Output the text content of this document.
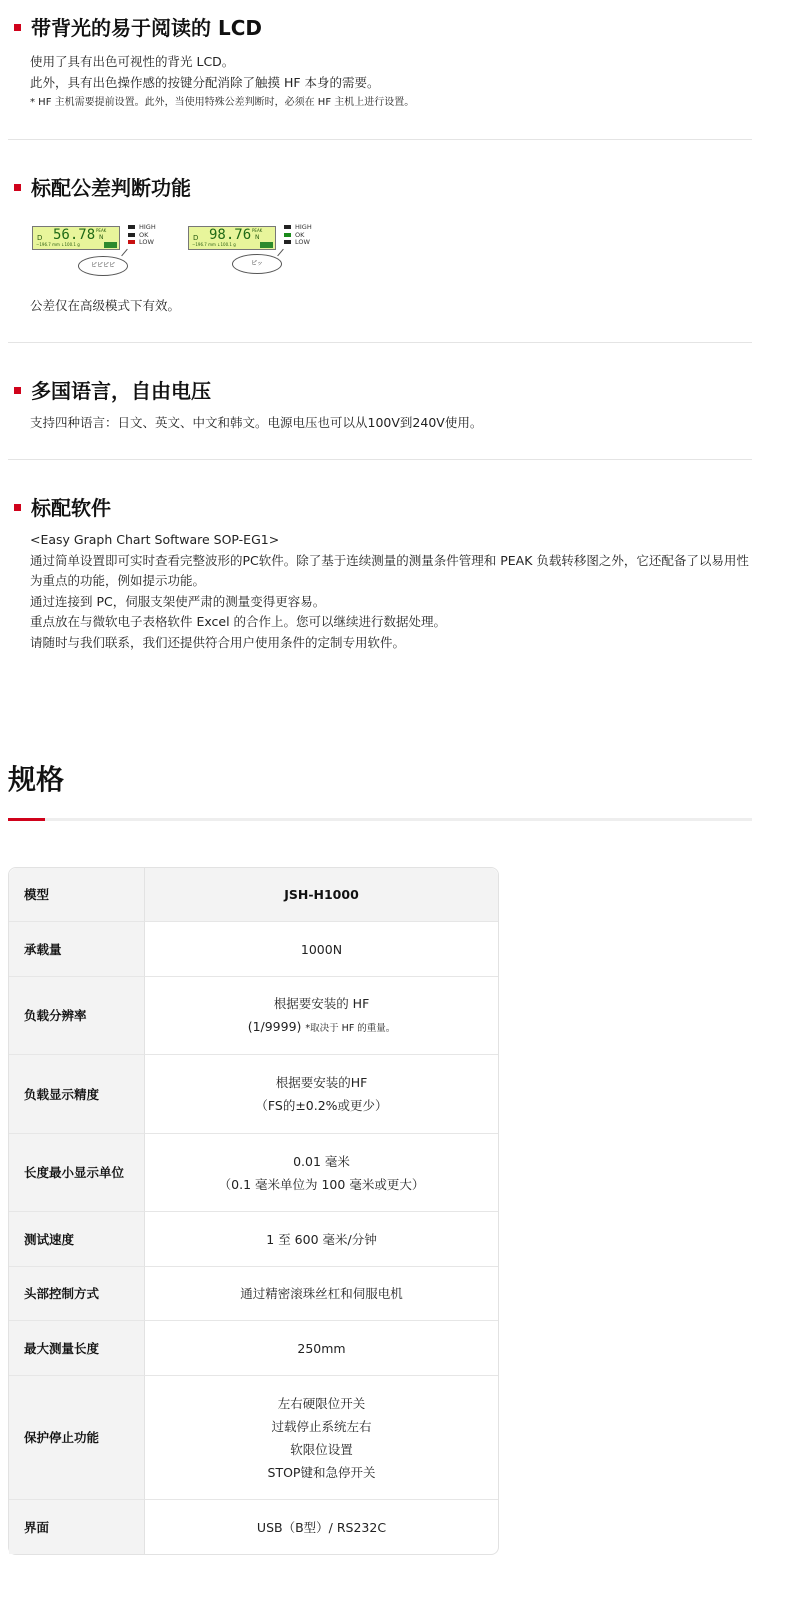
带背光的易于阅读的 LCD

使用了具有出色可视性的背光 LCD。

此外，具有出色操作感的按键分配消除了触摸 HF 本身的需要。

* HF 主机需要提前设置。此外，当使用特殊公差判断时，必须在 HF 主机上进行设置。

标配公差判断功能
D 56.78 PEAK
N
−196.7 mm ↓100.1 g
HIGH
OK
LOW
ピピピピ
D 98.76 PEAK
N
−196.7 mm ↓100.1 g
HIGH
OK
LOW
ピッ

公差仅在高级模式下有效。

多国语言，自由电压

支持四种语言：日文、英文、中文和韩文。电源电压也可以从100V到240V使用。

标配软件

<Easy Graph Chart Software SOP-EG1>

通过简单设置即可实时查看完整波形的PC软件。除了基于连续测量的测量条件管理和 PEAK 负载转移图之外，它还配备了以易用性为重点的功能，例如提示功能。

通过连接到 PC，伺服支架使严肃的测量变得更容易。

重点放在与微软电子表格软件 Excel 的合作上。您可以继续进行数据处理。

请随时与我们联系，我们还提供符合用户使用条件的定制专用软件。

规格
模型	JSH-H1000
承载量	1000N

负载分辨率	根据要安装的 HF
(1/9999) *取决于 HF 的重量。

负载显示精度	根据要安装的HF
（FS的±0.2%或更少）

长度最小显示单位	0.01 毫米
（0.1 毫米单位为 100 毫米或更大）

测试速度	1 至 600 毫米/分钟

头部控制方式	通过精密滚珠丝杠和伺服电机

最大测量长度	250mm

保护停止功能	左右硬限位开关
过载停止系统左右
软限位设置
STOP键和急停开关

界面	USB（B型）/ RS232C
